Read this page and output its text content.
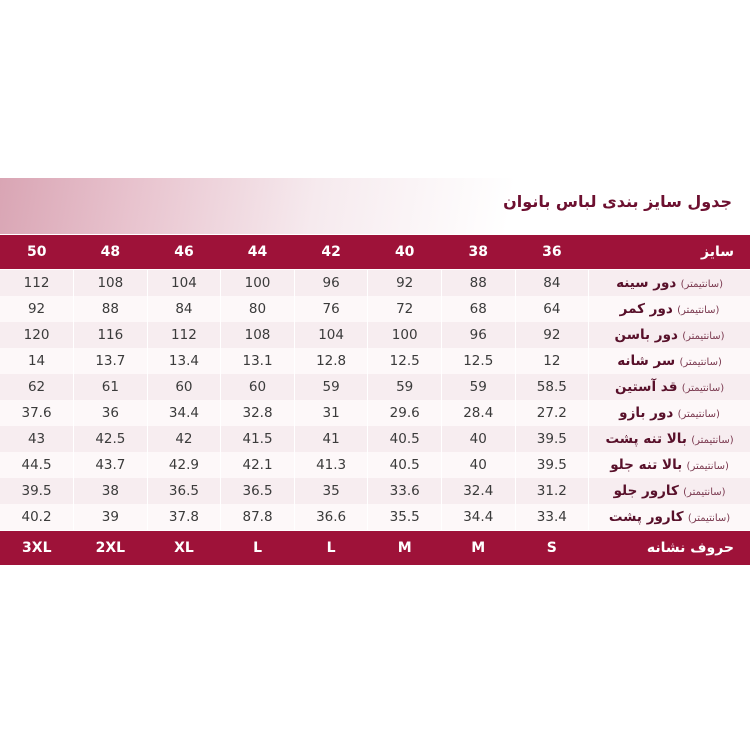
جدول سایز بندی لباس بانوان
50	48	46	44	42	40	38	36	سایز
112	108	104	100	96	92	88	84	(سانتیمتر) دور سینه
92	88	84	80	76	72	68	64	(سانتیمتر) دور کمر
120	116	112	108	104	100	96	92	(سانتیمتر) دور باسن
14	13.7	13.4	13.1	12.8	12.5	12.5	12	(سانتیمتر) سر شانه
62	61	60	60	59	59	59	58.5	(سانتیمتر) قد آستین
37.6	36	34.4	32.8	31	29.6	28.4	27.2	(سانتیمتر) دور بازو
43	42.5	42	41.5	41	40.5	40	39.5	(سانتیمتر) بالا تنه پشت
44.5	43.7	42.9	42.1	41.3	40.5	40	39.5	(سانتیمتر) بالا تنه جلو
39.5	38	36.5	36.5	35	33.6	32.4	31.2	(سانتیمتر) کارور جلو
40.2	39	37.8	87.8	36.6	35.5	34.4	33.4	(سانتیمتر) کارور پشت
3XL	2XL	XL	L	L	M	M	S	حروف نشانه
